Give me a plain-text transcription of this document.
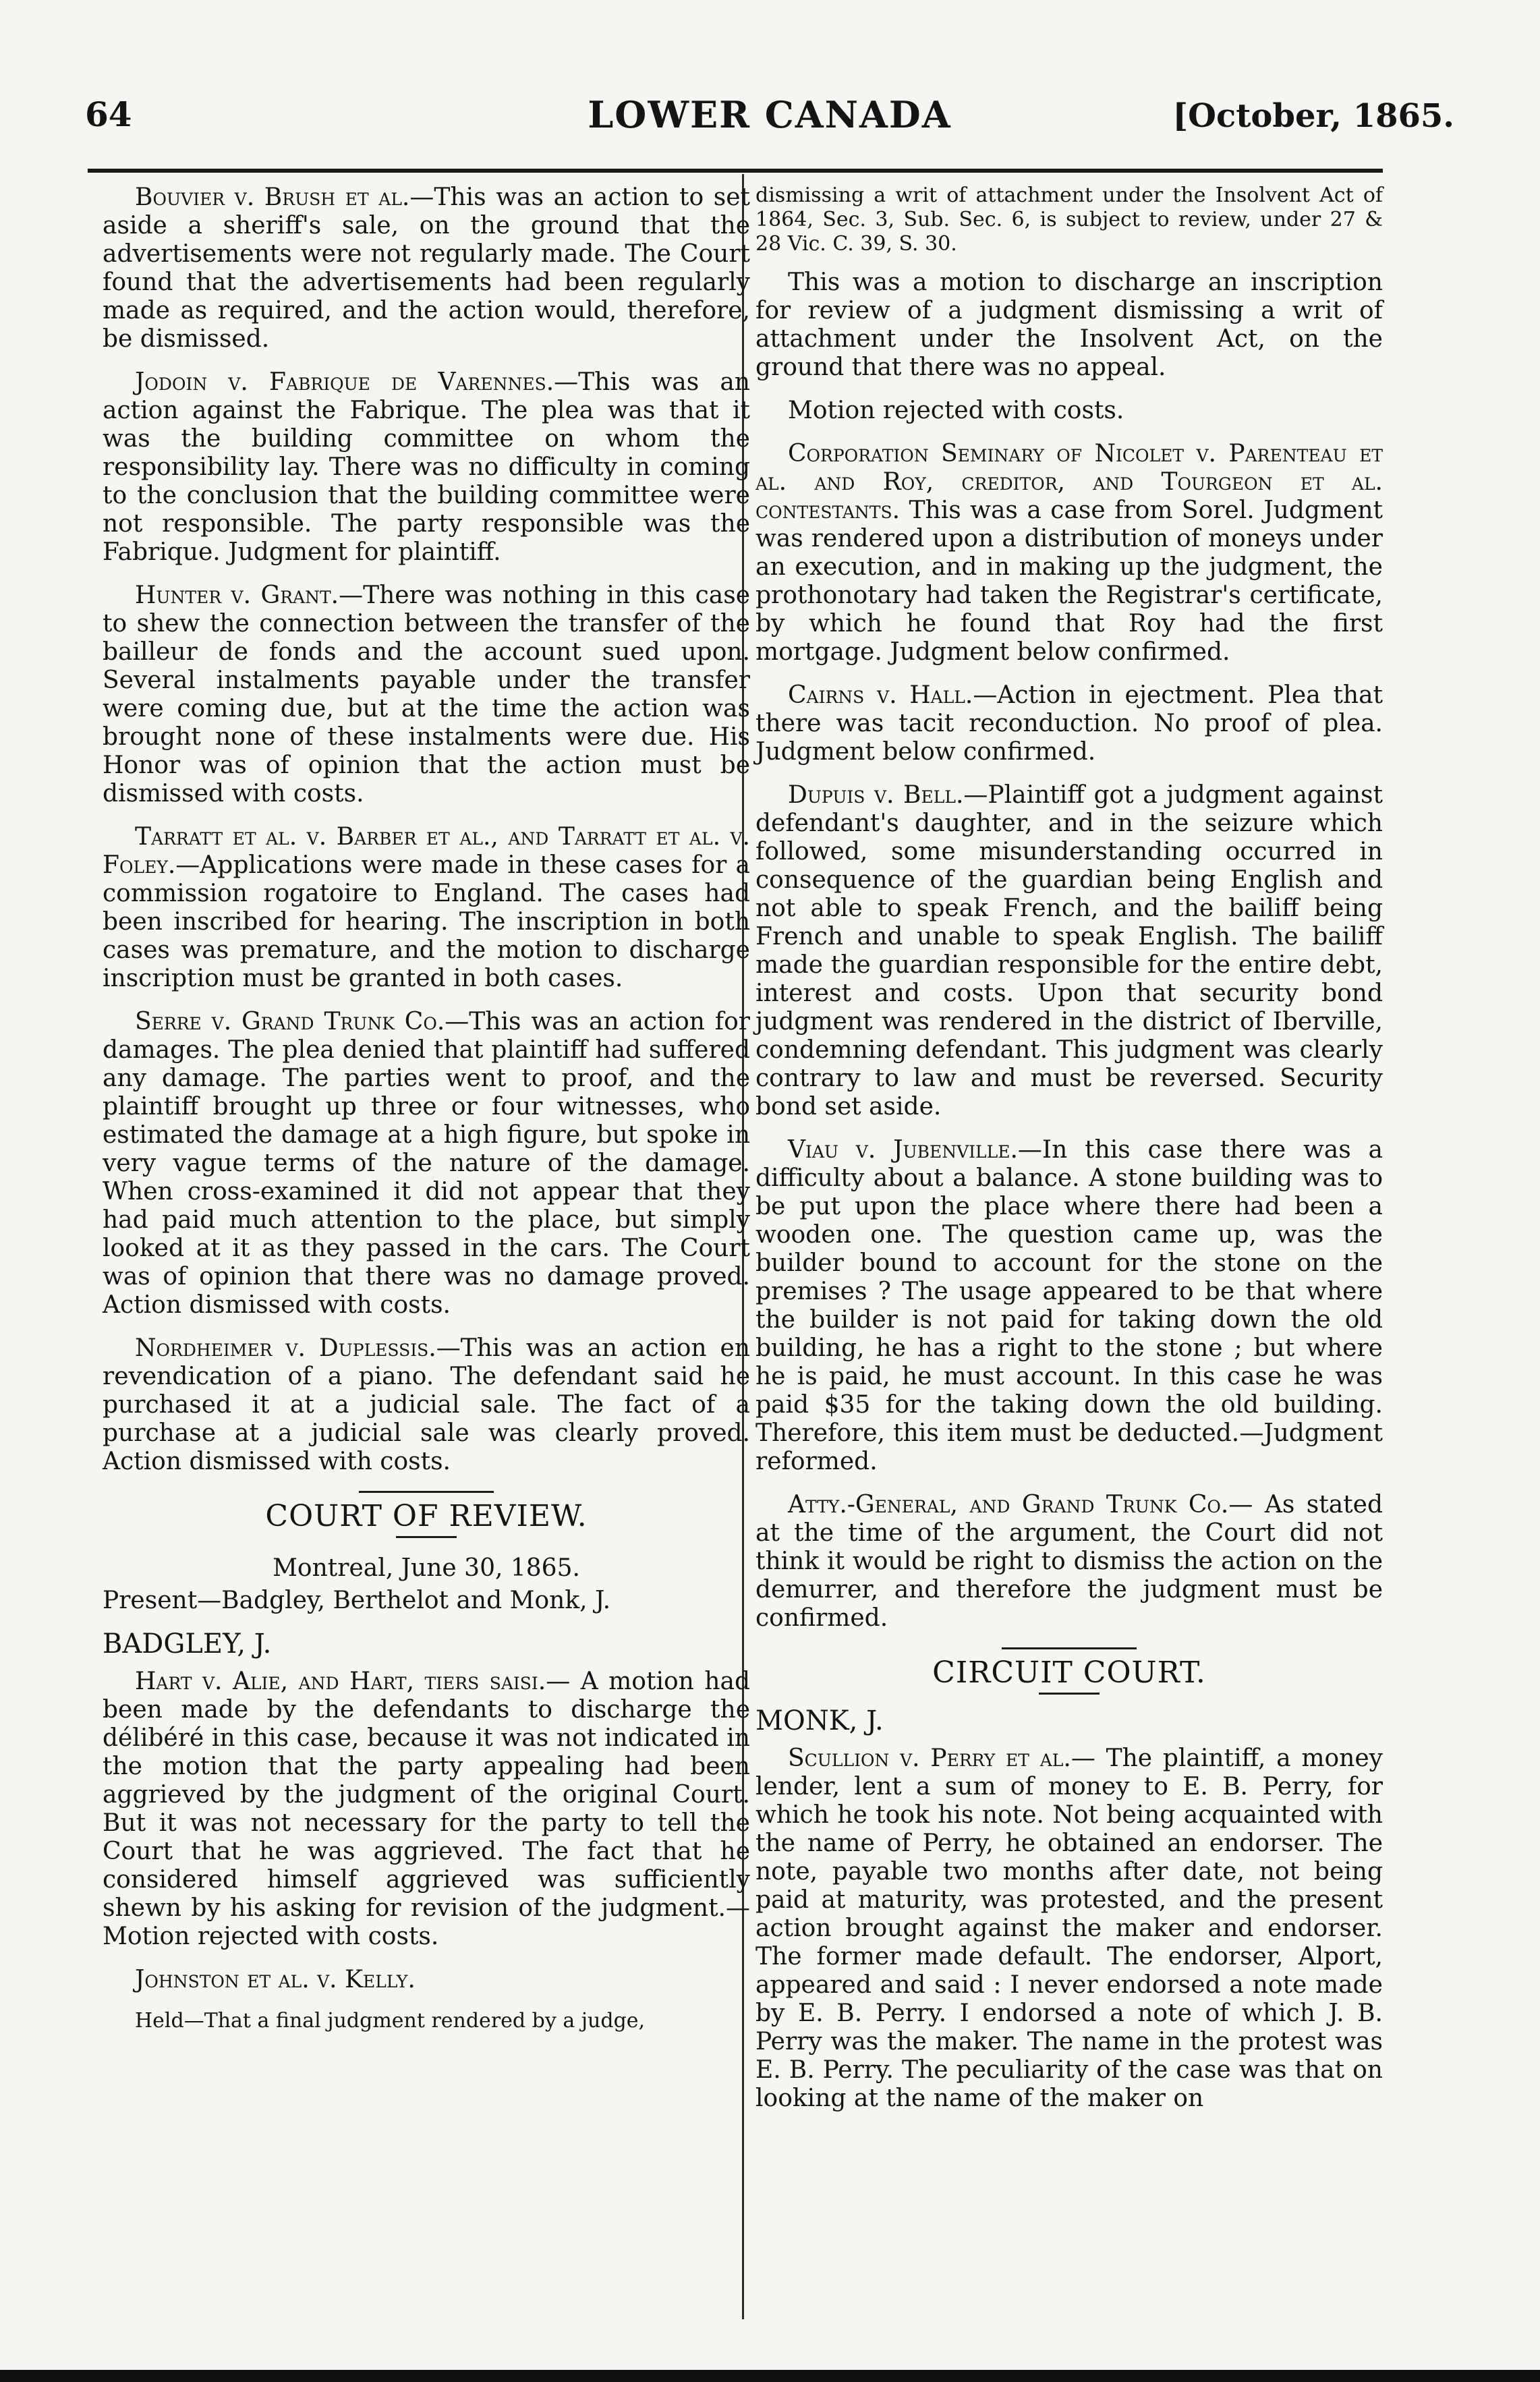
64	LOWER CANADA	[October, 1865.

Bouvier v. Brush et al.—This was an action to set aside a sheriff's sale, on the ground that the advertisements were not regularly made. The Court found that the advertisements had been regularly made as required, and the action would, therefore, be dismissed.

Jodoin v. Fabrique de Varennes.—This was an action against the Fabrique. The plea was that it was the building committee on whom the responsibility lay. There was no difficulty in coming to the conclusion that the building committee were not responsible. The party responsible was the Fabrique. Judgment for plaintiff.

Hunter v. Grant.—There was nothing in this case to shew the connection between the transfer of the bailleur de fonds and the account sued upon. Several instalments payable under the transfer were coming due, but at the time the action was brought none of these instalments were due. His Honor was of opinion that the action must be dismissed with costs.

Tarratt et al. v. Barber et al., and Tarratt et al. v. Foley.—Applications were made in these cases for a commission rogatoire to England. The cases had been inscribed for hearing. The inscription in both cases was premature, and the motion to discharge inscription must be granted in both cases.

Serre v. Grand Trunk Co.—This was an action for damages. The plea denied that plaintiff had suffered any damage. The parties went to proof, and the plaintiff brought up three or four witnesses, who estimated the damage at a high figure, but spoke in very vague terms of the nature of the damage. When cross-examined it did not appear that they had paid much attention to the place, but simply looked at it as they passed in the cars. The Court was of opinion that there was no damage proved. Action dismissed with costs.

Nordheimer v. Duplessis.—This was an action en revendication of a piano. The defendant said he purchased it at a judicial sale. The fact of a purchase at a judicial sale was clearly proved. Action dismissed with costs.

COURT OF REVIEW.
Montreal, June 30, 1865.

Present—Badgley, Berthelot and Monk, J.

BADGLEY, J.

Hart v. Alie, and Hart, tiers saisi.— A motion had been made by the defendants to discharge the délibéré in this case, because it was not indicated in the motion that the party appealing had been aggrieved by the judgment of the original Court. But it was not necessary for the party to tell the Court that he was aggrieved. The fact that he considered himself aggrieved was sufficiently shewn by his asking for revision of the judgment.—Motion rejected with costs.

Johnston et al. v. Kelly.

Held—That a final judgment rendered by a judge,

dismissing a writ of attachment under the Insolvent Act of 1864, Sec. 3, Sub. Sec. 6, is subject to review, under 27 & 28 Vic. C. 39, S. 30.

This was a motion to discharge an inscription for review of a judgment dismissing a writ of attachment under the Insolvent Act, on the ground that there was no appeal.

Motion rejected with costs.

Corporation Seminary of Nicolet v. Parenteau et al. and Roy, creditor, and Tourgeon et al. contestants. This was a case from Sorel. Judgment was rendered upon a distribution of moneys under an execution, and in making up the judgment, the prothonotary had taken the Registrar's certificate, by which he found that Roy had the first mortgage. Judgment below confirmed.

Cairns v. Hall.—Action in ejectment. Plea that there was tacit reconduction. No proof of plea. Judgment below confirmed.

Dupuis v. Bell.—Plaintiff got a judgment against defendant's daughter, and in the seizure which followed, some misunderstanding occurred in consequence of the guardian being English and not able to speak French, and the bailiff being French and unable to speak English. The bailiff made the guardian responsible for the entire debt, interest and costs. Upon that security bond judgment was rendered in the district of Iberville, condemning defendant. This judgment was clearly contrary to law and must be reversed. Security bond set aside.

Viau v. Jubenville.—In this case there was a difficulty about a balance. A stone building was to be put upon the place where there had been a wooden one. The question came up, was the builder bound to account for the stone on the premises ? The usage appeared to be that where the builder is not paid for taking down the old building, he has a right to the stone ; but where he is paid, he must account. In this case he was paid $35 for the taking down the old building. Therefore, this item must be deducted.—Judgment reformed.

Atty.-General, and Grand Trunk Co.— As stated at the time of the argument, the Court did not think it would be right to dismiss the action on the demurrer, and therefore the judgment must be confirmed.

CIRCUIT COURT.
MONK, J.

Scullion v. Perry et al.— The plaintiff, a money lender, lent a sum of money to E. B. Perry, for which he took his note. Not being acquainted with the name of Perry, he obtained an endorser. The note, payable two months after date, not being paid at maturity, was protested, and the present action brought against the maker and endorser. The former made default. The endorser, Alport, appeared and said : I never endorsed a note made by E. B. Perry. I endorsed a note of which J. B. Perry was the maker. The name in the protest was E. B. Perry. The peculiarity of the case was that on looking at the name of the maker on
